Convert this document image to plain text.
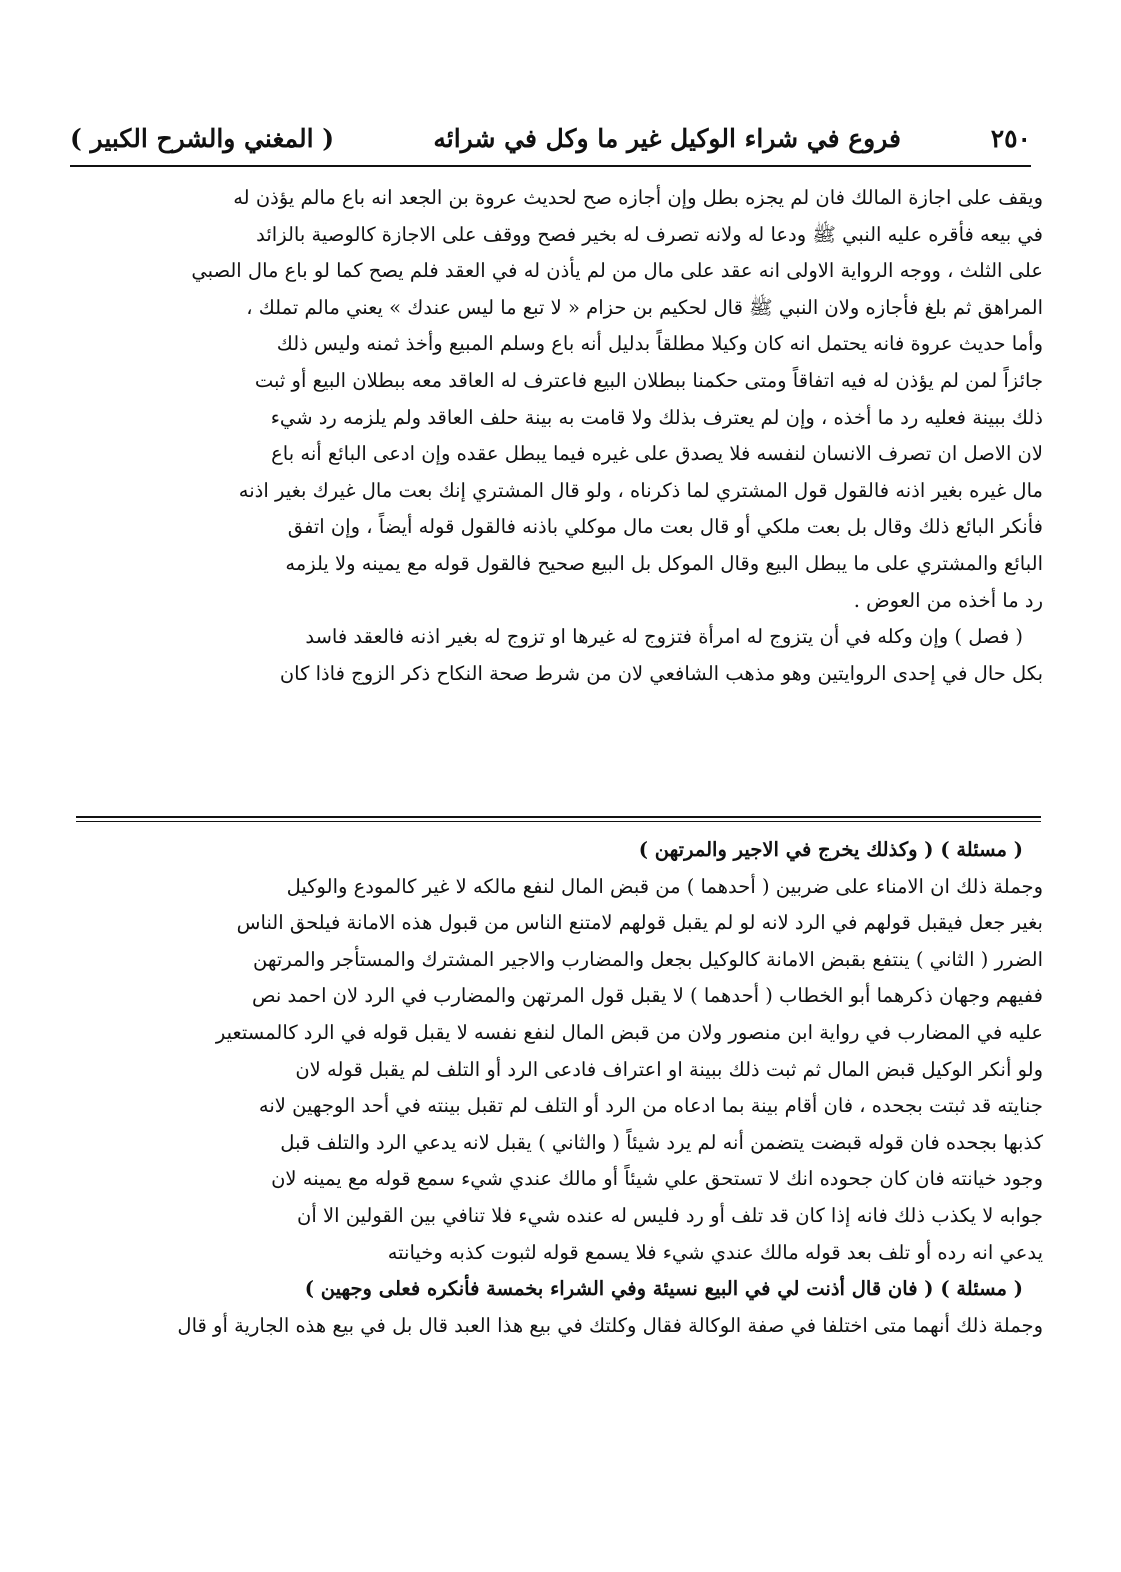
٢٥٠
فروع في شراء الوكيل غير ما وكل في شرائه
( المغني والشرح الكبير )

ويقف على اجازة المالك فان لم يجزه بطل وإن أجازه صح لحديث عروة بن الجعد انه باع مالم يؤذن له

في بيعه فأقره عليه النبي ﷺ ودعا له ولانه تصرف له بخير فصح ووقف على الاجازة كالوصية بالزائد

على الثلث ، ووجه الرواية الاولى انه عقد على مال من لم يأذن له في العقد فلم يصح كما لو باع مال الصبي

المراهق ثم بلغ فأجازه ولان النبي ﷺ قال لحكيم بن حزام « لا تبع ما ليس عندك » يعني مالم تملك ،

وأما حديث عروة فانه يحتمل انه كان وكيلا مطلقاً بدليل أنه باع وسلم المبيع وأخذ ثمنه وليس ذلك

جائزاً لمن لم يؤذن له فيه اتفاقاً ومتى حكمنا ببطلان البيع فاعترف له العاقد معه ببطلان البيع أو ثبت

ذلك ببينة فعليه رد ما أخذه ، وإن لم يعترف بذلك ولا قامت به بينة حلف العاقد ولم يلزمه رد شيء

لان الاصل ان تصرف الانسان لنفسه فلا يصدق على غيره فيما يبطل عقده وإن ادعى البائع أنه باع

مال غيره بغير اذنه فالقول قول المشتري لما ذكرناه ، ولو قال المشتري إنك بعت مال غيرك بغير اذنه

فأنكر البائع ذلك وقال بل بعت ملكي أو قال بعت مال موكلي باذنه فالقول قوله أيضاً ، وإن اتفق

البائع والمشتري على ما يبطل البيع وقال الموكل بل البيع صحيح فالقول قوله مع يمينه ولا يلزمه

رد ما أخذه من العوض .

( فصل ) وإن وكله في أن يتزوج له امرأة فتزوج له غيرها او تزوج له بغير اذنه فالعقد فاسد

بكل حال في إحدى الروايتين وهو مذهب الشافعي لان من شرط صحة النكاح ذكر الزوج فاذا كان

( مسئلة ) ( وكذلك يخرج في الاجير والمرتهن )

وجملة ذلك ان الامناء على ضربين ( أحدهما ) من قبض المال لنفع مالكه لا غير كالمودع والوكيل

بغير جعل فيقبل قولهم في الرد لانه لو لم يقبل قولهم لامتنع الناس من قبول هذه الامانة فيلحق الناس

الضرر ( الثاني ) ينتفع بقبض الامانة كالوكيل بجعل والمضارب والاجير المشترك والمستأجر والمرتهن

ففيهم وجهان ذكرهما أبو الخطاب ( أحدهما ) لا يقبل قول المرتهن والمضارب في الرد لان احمد نص

عليه في المضارب في رواية ابن منصور ولان من قبض المال لنفع نفسه لا يقبل قوله في الرد كالمستعير

ولو أنكر الوكيل قبض المال ثم ثبت ذلك ببينة او اعتراف فادعى الرد أو التلف لم يقبل قوله لان

جنايته قد ثبتت بجحده ، فان أقام بينة بما ادعاه من الرد أو التلف لم تقبل بينته في أحد الوجهين لانه

كذبها بجحده فان قوله قبضت يتضمن أنه لم يرد شيئاً ( والثاني ) يقبل لانه يدعي الرد والتلف قبل

وجود خيانته فان كان جحوده انك لا تستحق علي شيئاً أو مالك عندي شيء سمع قوله مع يمينه لان

جوابه لا يكذب ذلك فانه إذا كان قد تلف أو رد فليس له عنده شيء فلا تنافي بين القولين الا أن

يدعي انه رده أو تلف بعد قوله مالك عندي شيء فلا يسمع قوله لثبوت كذبه وخيانته

( مسئلة ) ( فان قال أذنت لي في البيع نسيئة وفي الشراء بخمسة فأنكره فعلى وجهين )

وجملة ذلك أنهما متى اختلفا في صفة الوكالة فقال وكلتك في بيع هذا العبد قال بل في بيع هذه الجارية أو قال
